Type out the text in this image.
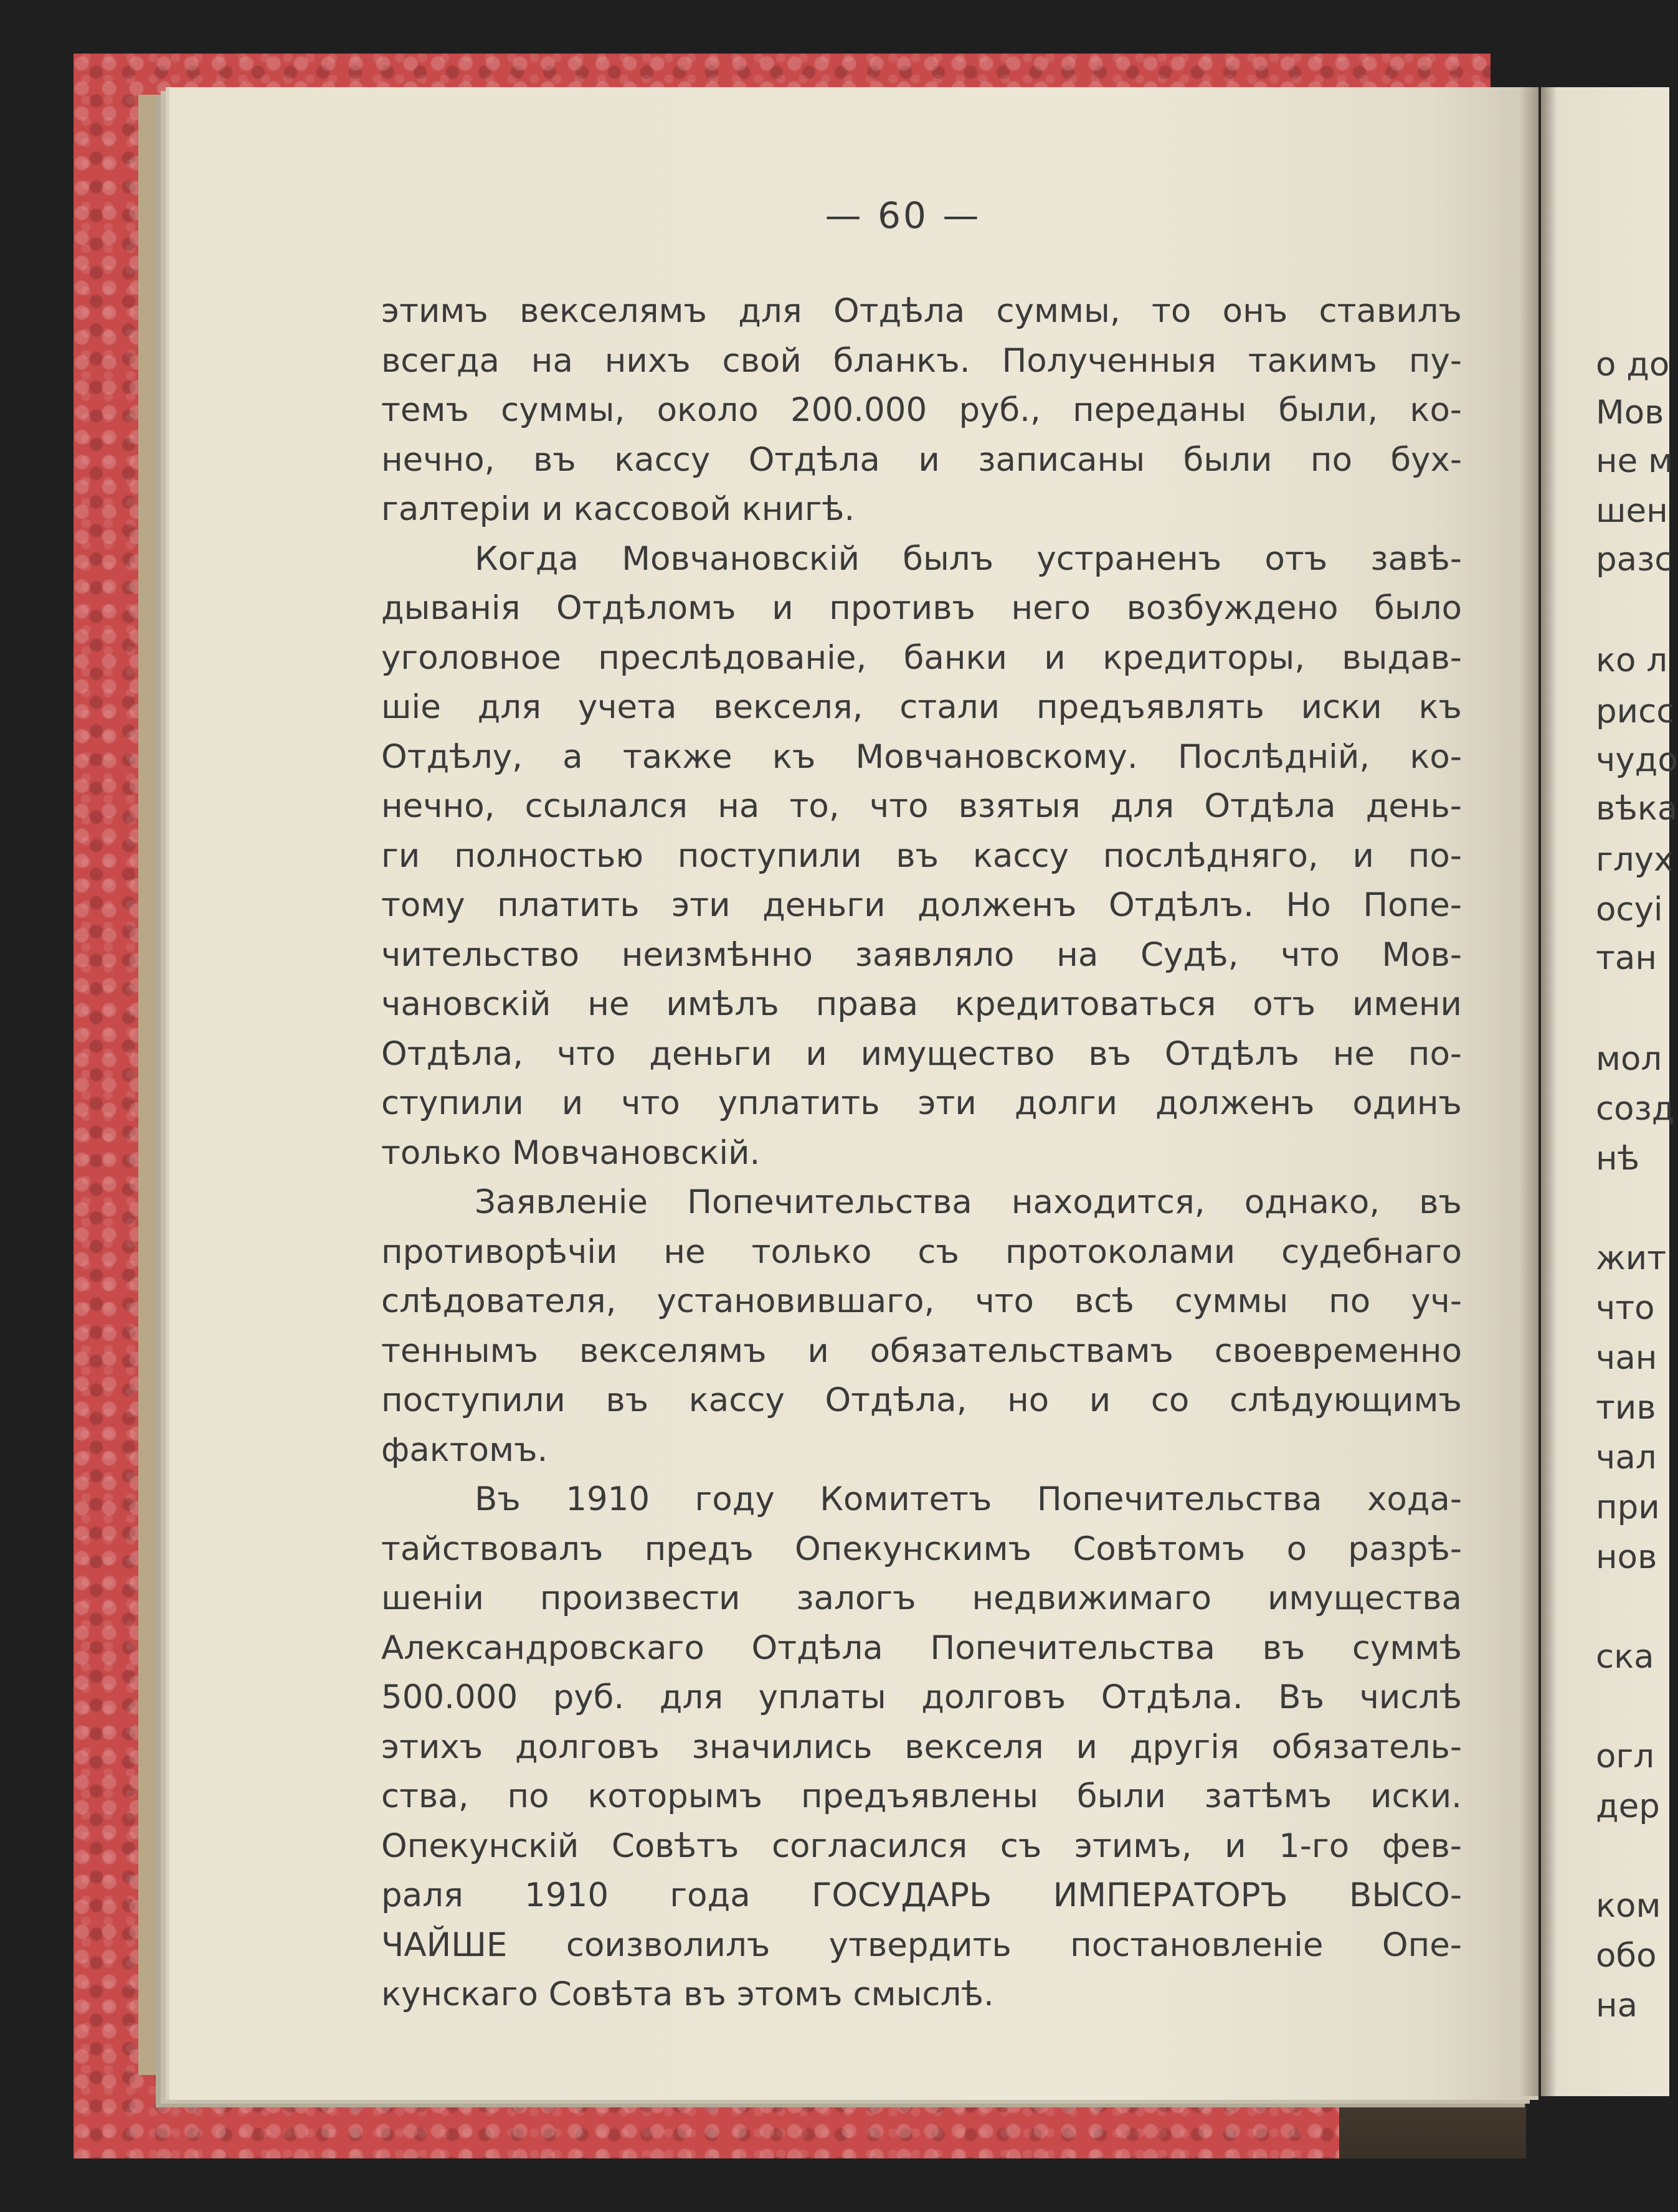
— 60 —
этимъ векселямъ для Отдѣла суммы, то онъ ставилъ
всегда на нихъ свой бланкъ. Полученныя такимъ пу-
темъ суммы, около 200.000 руб., переданы были, ко-
нечно, въ кассу Отдѣла и записаны были по бух-
галтеріи и кассовой книгѣ.
Когда Мовчановскій былъ устраненъ отъ завѣ-
дыванія Отдѣломъ и противъ него возбуждено было
уголовное преслѣдованіе, банки и кредиторы, выдав-
шіе для учета векселя, стали предъявлять иски къ
Отдѣлу, а также къ Мовчановскому. Послѣдній, ко-
нечно, ссылался на то, что взятыя для Отдѣла день-
ги полностью поступили въ кассу послѣдняго, и по-
тому платить эти деньги долженъ Отдѣлъ. Но Попе-
чительство неизмѣнно заявляло на Судѣ, что Мов-
чановскій не имѣлъ права кредитоваться отъ имени
Отдѣла, что деньги и имущество въ Отдѣлъ не по-
ступили и что уплатить эти долги долженъ одинъ
только Мовчановскій.
Заявленіе Попечительства находится, однако, въ
противорѣчіи не только съ протоколами судебнаго
слѣдователя, установившаго, что всѣ суммы по уч-
теннымъ векселямъ и обязательствамъ своевременно
поступили въ кассу Отдѣла, но и со слѣдующимъ
фактомъ.
Въ 1910 году Комитетъ Попечительства хода-
тайствовалъ предъ Опекунскимъ Совѣтомъ о разрѣ-
шеніи произвести залогъ недвижимаго имущества
Александровскаго Отдѣла Попечительства въ суммѣ
500.000 руб. для уплаты долговъ Отдѣла. Въ числѣ
этихъ долговъ значились векселя и другія обязатель-
ства, по которымъ предъявлены были затѣмъ иски.
Опекунскій Совѣтъ согласился съ этимъ, и 1-го фев-
раля 1910 года ГОСУДАРЬ ИМПЕРАТОРЪ ВЫСО-
ЧАЙШЕ соизволилъ утвердить постановленіе Опе-
кунскаго Совѣта въ этомъ смыслѣ.
о до
Мов
не м
шен
разс
ко л
рисс
чудо
вѣка
глух
осуі
тан
мол
созд
нѣ
жит
что
чан
тив
чал
при
нов
ска
огл
дер
ком
обо
на
